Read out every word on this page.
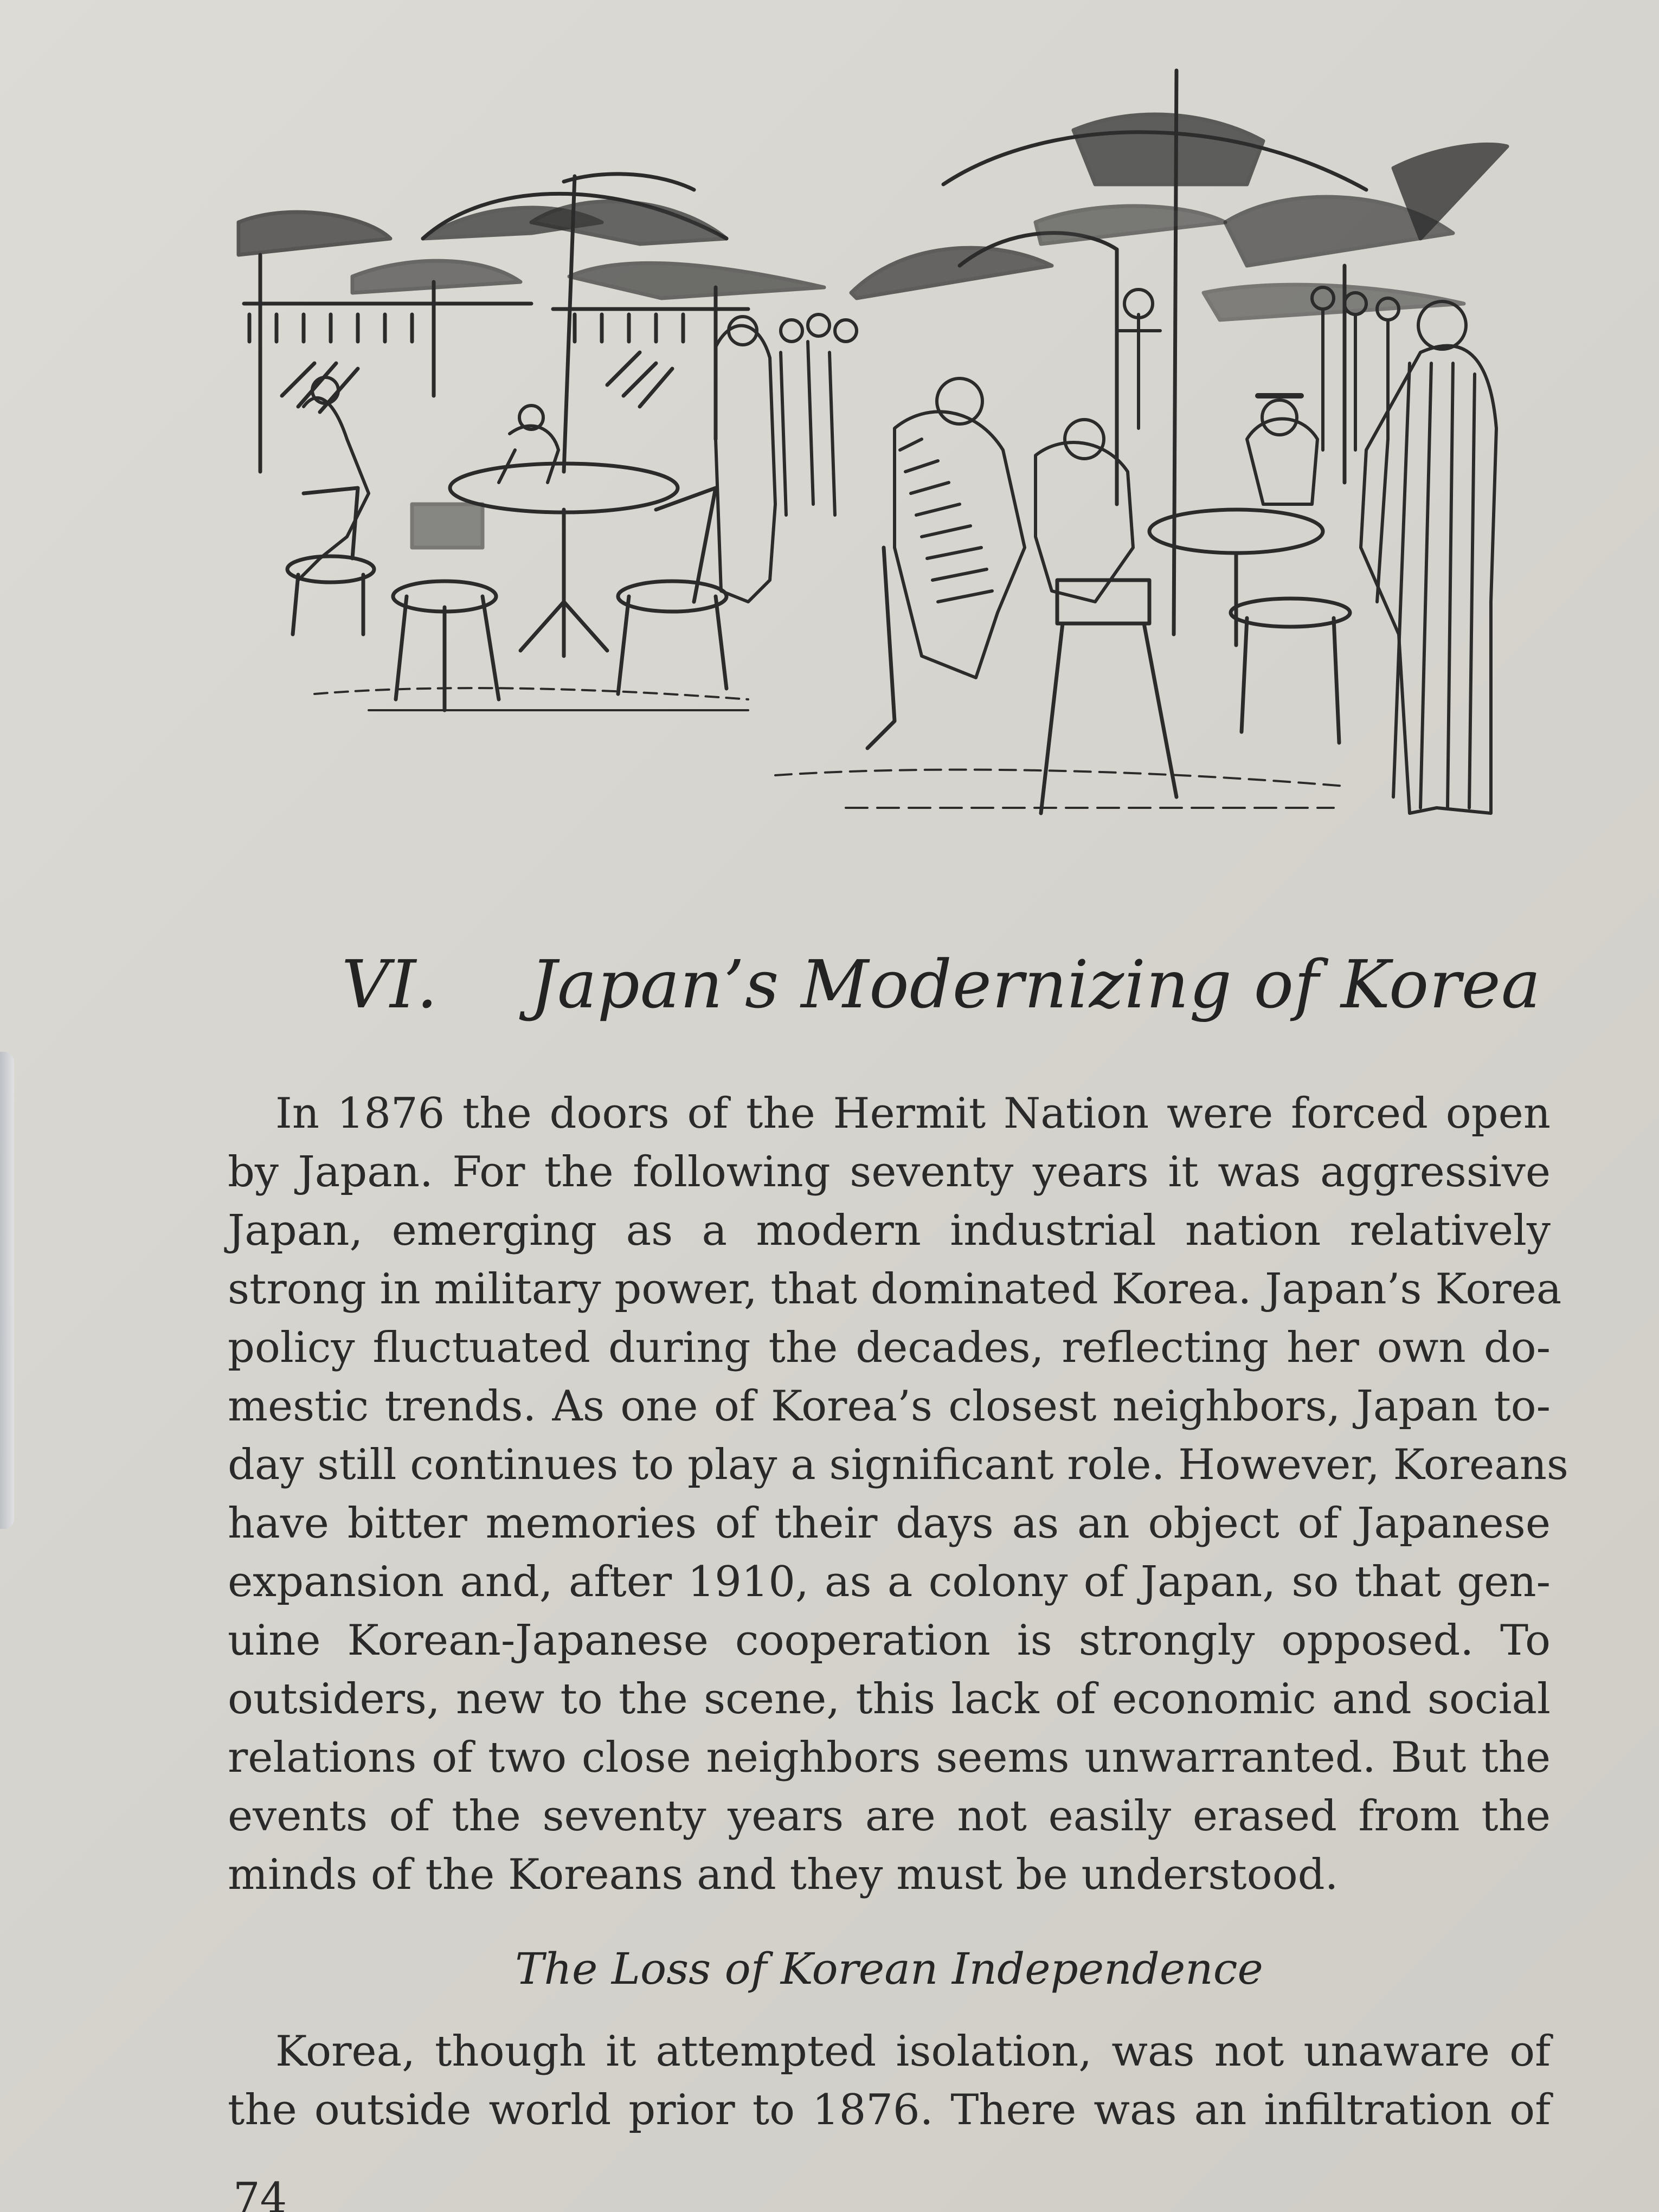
VI. Japan’s Modernizing of Korea
In 1876 the doors of the Hermit Nation were forced open
by Japan. For the following seventy years it was aggressive
Japan, emerging as a modern industrial nation relatively
strong in military power, that dominated Korea. Japan’s Korea
policy fluctuated during the decades, reflecting her own do-
mestic trends. As one of Korea’s closest neighbors, Japan to-
day still continues to play a significant role. However, Koreans
have bitter memories of their days as an object of Japanese
expansion and, after 1910, as a colony of Japan, so that gen-
uine Korean-Japanese cooperation is strongly opposed. To
outsiders, new to the scene, this lack of economic and social
relations of two close neighbors seems unwarranted. But the
events of the seventy years are not easily erased from the
minds of the Koreans and they must be understood.
The Loss of Korean Independence
Korea, though it attempted isolation, was not unaware of
the outside world prior to 1876. There was an infiltration of
74
